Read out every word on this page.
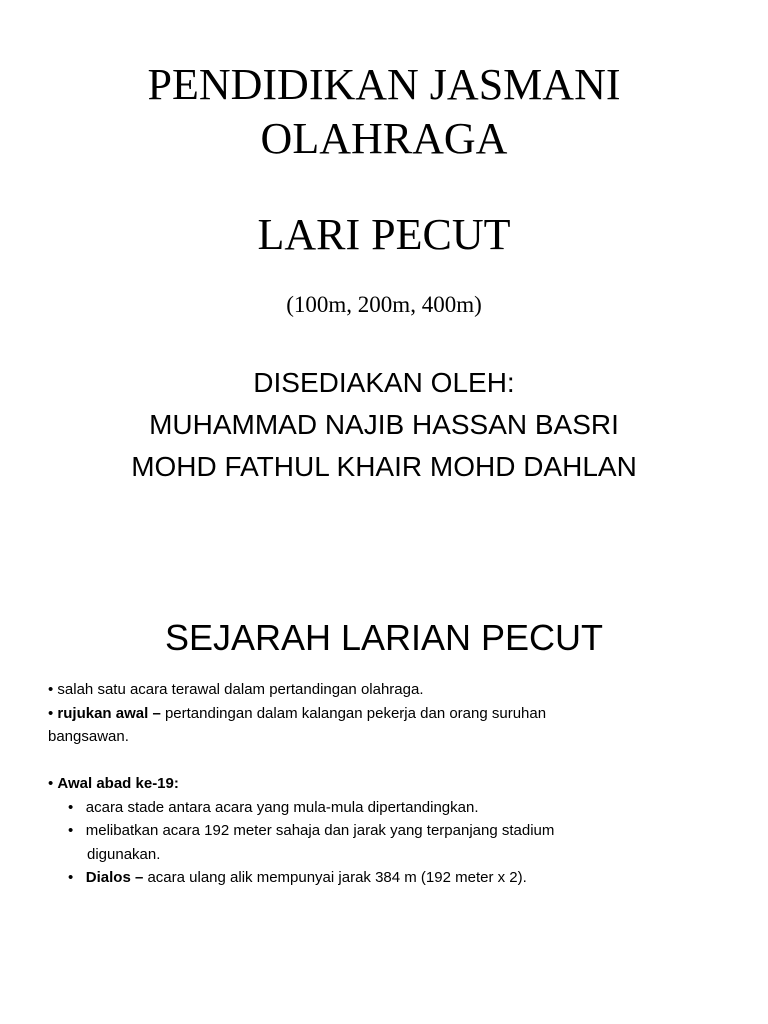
PENDIDIKAN JASMANI
OLAHRAGA
LARI PECUT
(100m, 200m, 400m)
DISEDIAKAN OLEH:
MUHAMMAD NAJIB HASSAN BASRI
MOHD FATHUL KHAIR MOHD DAHLAN
SEJARAH LARIAN PECUT
• salah satu acara terawal dalam pertandingan olahraga.
• rujukan awal – pertandingan dalam kalangan pekerja dan orang suruhan
bangsawan.
• Awal abad ke-19:
•   acara stade antara acara yang mula-mula dipertandingkan.
•   melibatkan acara 192 meter sahaja dan jarak yang terpanjang stadium
digunakan.
•   Dialos – acara ulang alik mempunyai jarak 384 m (192 meter x 2).
